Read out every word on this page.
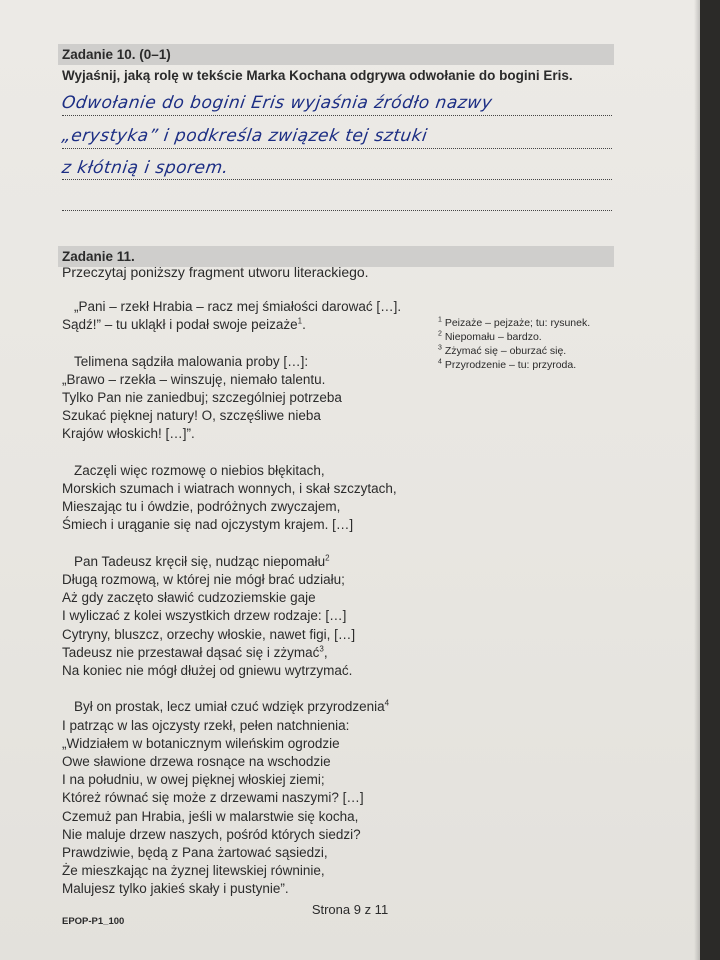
Zadanie 10. (0–1)
Wyjaśnij, jaką rolę w tekście Marka Kochana odgrywa odwołanie do bogini Eris.
Odwołanie do bogini Eris wyjaśnia źródło nazwy
„erystyka” i podkreśla związek tej sztuki
z kłótnią i sporem.
Zadanie 11.
Przeczytaj poniższy fragment utworu literackiego.
„Pani – rzekł Hrabia – racz mej śmiałości darować […].
Sądź!” – tu ukląkł i podał swoje peizaże$^1$.
Telimena sądziła malowania proby […]:
„Brawo – rzekła – winszuję, niemało talentu.
Tylko Pan nie zaniedbuj; szczególniej potrzeba
Szukać pięknej natury! O, szczęśliwe nieba
Krajów włoskich! […]”.
Zaczęli więc rozmowę o niebios błękitach,
Morskich szumach i wiatrach wonnych, i skał szczytach,
Mieszając tu i ówdzie, podróżnych zwyczajem,
Śmiech i urąganie się nad ojczystym krajem. […]
Pan Tadeusz kręcił się, nudząc niepomału$^2$
Długą rozmową, w której nie mógł brać udziału;
Aż gdy zaczęto sławić cudzoziemskie gaje
I wyliczać z kolei wszystkich drzew rodzaje: […]
Cytryny, bluszcz, orzechy włoskie, nawet figi, […]
Tadeusz nie przestawał dąsać się i zżymać$^3$,
Na koniec nie mógł dłużej od gniewu wytrzymać.
Był on prostak, lecz umiał czuć wdzięk przyrodzenia$^4$
I patrząc w las ojczysty rzekł, pełen natchnienia:
„Widziałem w botanicznym wileńskim ogrodzie
Owe sławione drzewa rosnące na wschodzie
I na południu, w owej pięknej włoskiej ziemi;
Któreż równać się może z drzewami naszymi? […]
Czemuż pan Hrabia, jeśli w malarstwie się kocha,
Nie maluje drzew naszych, pośród których siedzi?
Prawdziwie, będą z Pana żartować sąsiedzi,
Że mieszkając na żyznej litewskiej równinie,
Malujesz tylko jakieś skały i pustynie”.
$^1$ Peizaże – pejzaże; tu: rysunek.
$^2$ Niepomału – bardzo.
$^3$ Zżymać się – oburzać się.
$^4$ Przyrodzenie – tu: przyroda.
Strona 9 z 11
EPOP-P1_100
